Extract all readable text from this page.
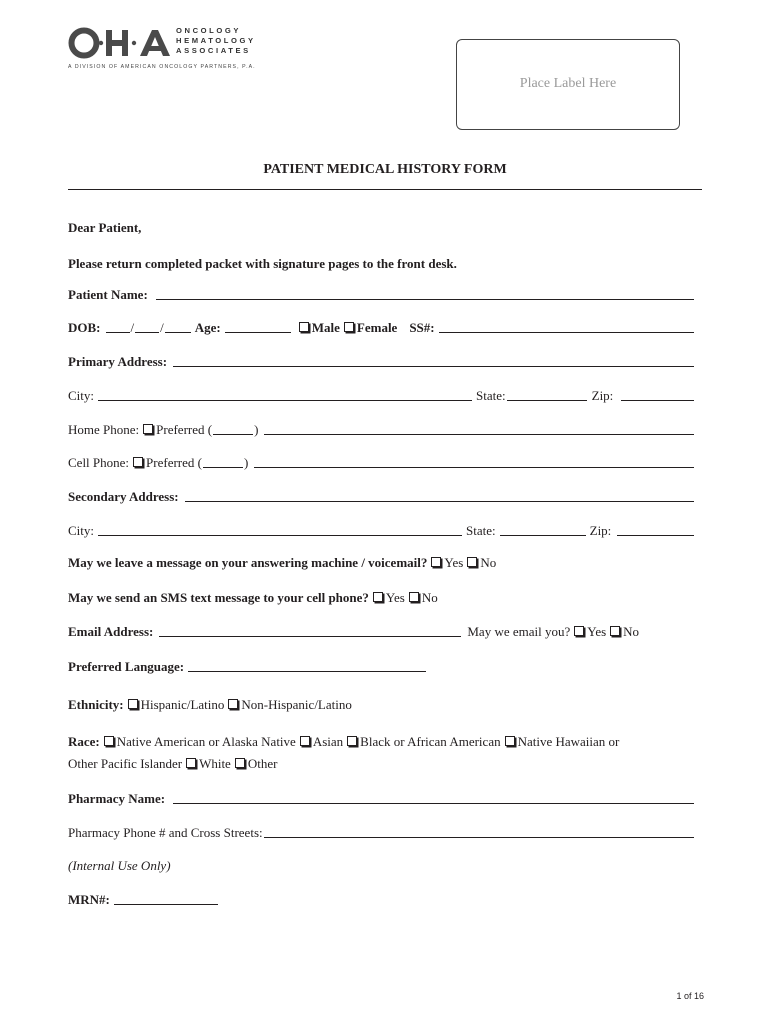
ONCOLOGY
HEMATOLOGY
ASSOCIATES
A DIVISION OF AMERICAN ONCOLOGY PARTNERS, P.A.
Place Label Here
PATIENT MEDICAL HISTORY FORM
Dear Patient,
Please return completed packet with signature pages to the front desk.
Patient Name:
DOB: / / Age:	Male Female SS#:
Primary Address:
City:	State:	Zip:
Home Phone: Preferred (	)
Cell Phone: Preferred (	)
Secondary Address:
City:	State:	Zip:
May we leave a message on your answering machine / voicemail? Yes No
May we send an SMS text message to your cell phone? Yes No
Email Address:	May we email you? Yes No
Preferred Language:
Ethnicity: Hispanic/Latino Non-Hispanic/Latino
Race: Native American or Alaska Native Asian Black or African American Native Hawaiian or
Other Pacific Islander White Other
Pharmacy Name:
Pharmacy Phone # and Cross Streets:
(Internal Use Only)
MRN#:
1 of 16
